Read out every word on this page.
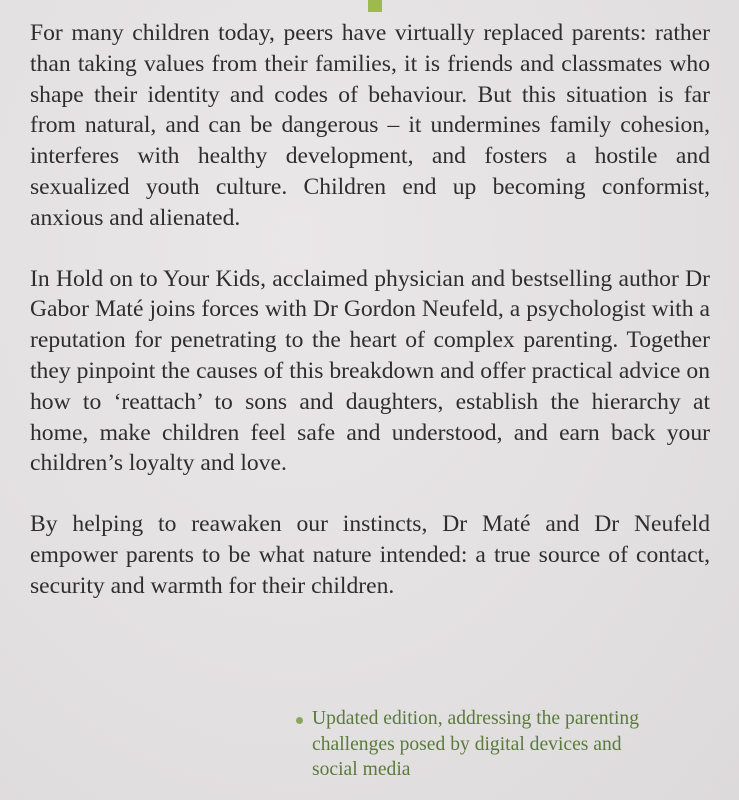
For many children today, peers have virtually replaced parents: rather than taking values from their families, it is friends and classmates who shape their identity and codes of behaviour. But this situation is far from natural, and can be dangerous – it undermines family cohesion, interferes with healthy development, and fosters a hostile and sexualized youth culture. Children end up becoming conformist, anxious and alienated.

In Hold on to Your Kids, acclaimed physician and bestselling author Dr Gabor Maté joins forces with Dr Gordon Neufeld, a psychologist with a reputation for penetrating to the heart of complex parenting. Together they pinpoint the causes of this breakdown and offer practical advice on how to ‘reattach’ to sons and daughters, establish the hierarchy at home, make children feel safe and understood, and earn back your children’s loyalty and love.

By helping to reawaken our instincts, Dr Maté and Dr Neufeld empower parents to be what nature intended: a true source of contact, security and warmth for their children.

Updated edition, addressing the parenting challenges posed by digital devices and social media
